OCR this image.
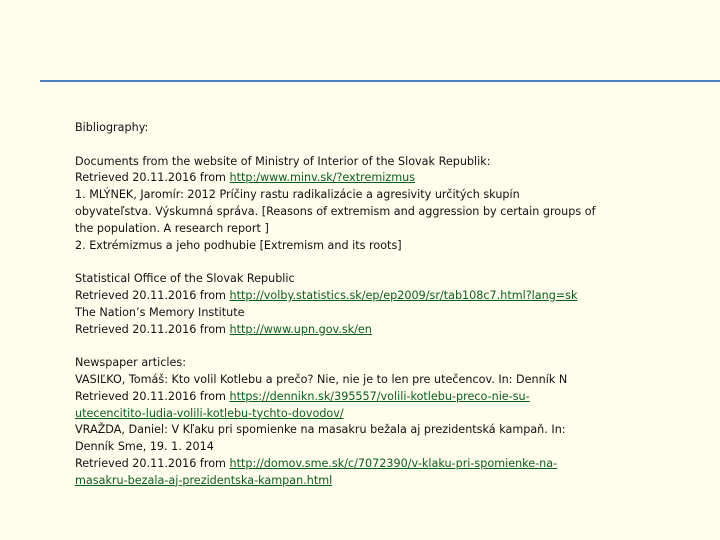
Bibliography:
Documents from the website of Ministry of Interior of the Slovak Republik:
Retrieved 20.11.2016 from http:/www.minv.sk/?extremizmus
1. MLÝNEK, Jaromír: 2012 Príčiny rastu radikalizácie a agresivity určitých skupín
obyvateľstva. Výskumná správa. [Reasons of extremism and aggression by certain groups of
the population. A research report ]
2. Extrémizmus a jeho podhubie [Extremism and its roots]
Statistical Office of the Slovak Republic
Retrieved 20.11.2016 from http://volby.statistics.sk/ep/ep2009/sr/tab108c7.html?lang=sk
The Nation’s Memory Institute
Retrieved 20.11.2016 from http://www.upn.gov.sk/en
Newspaper articles:
VASIĽKO, Tomáš: Kto volil Kotlebu a prečo? Nie, nie je to len pre utečencov. In: Denník N
Retrieved 20.11.2016 from https://dennikn.sk/395557/volili-kotlebu-preco-nie-su-
utecencitito-ludia-volili-kotlebu-tychto-dovodov/
VRAŽDA, Daniel: V Kľaku pri spomienke na masakru bežala aj prezidentská kampaň. In:
Denník Sme, 19. 1. 2014
Retrieved 20.11.2016 from http://domov.sme.sk/c/7072390/v-klaku-pri-spomienke-na-
masakru-bezala-aj-prezidentska-kampan.html
